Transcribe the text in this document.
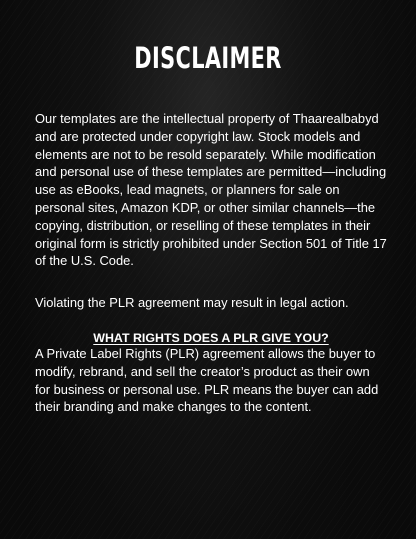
DISCLAIMER

Our templates are the intellectual property of Thaarealbabyd and are protected under copyright law. Stock models and elements are not to be resold separately. While modification and personal use of these templates are permitted—including use as eBooks, lead magnets, or planners for sale on personal sites, Amazon KDP, or other similar channels—the copying, distribution, or reselling of these templates in their original form is strictly prohibited under Section 501 of Title 17 of the U.S. Code.

Violating the PLR agreement may result in legal action.

WHAT RIGHTS DOES A PLR GIVE YOU?

A Private Label Rights (PLR) agreement allows the buyer to modify, rebrand, and sell the creator’s product as their own for business or personal use. PLR means the buyer can add their branding and make changes to the content.
